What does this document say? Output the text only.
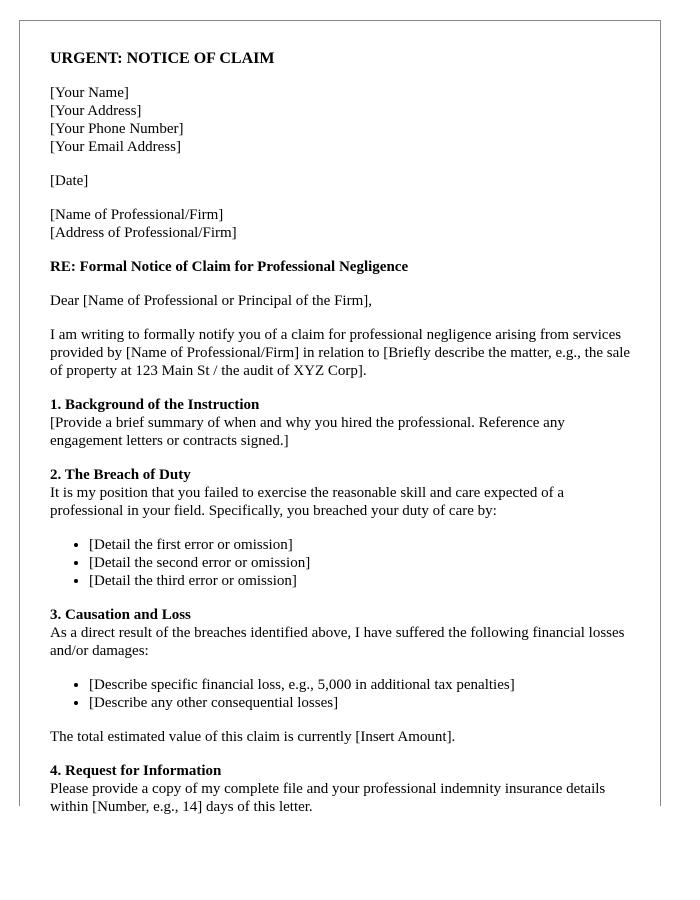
URGENT: NOTICE OF CLAIM
[Your Name]
[Your Address]
[Your Phone Number]
[Your Email Address]
[Date]
[Name of Professional/Firm]
[Address of Professional/Firm]
RE: Formal Notice of Claim for Professional Negligence

Dear [Name of Professional or Principal of the Firm],

I am writing to formally notify you of a claim for professional negligence arising from services provided by [Name of Professional/Firm] in relation to [Briefly describe the matter, e.g., the sale of property at 123 Main St / the audit of XYZ Corp].

1. Background of the Instruction

[Provide a brief summary of when and why you hired the professional. Reference any engagement letters or contracts signed.]

2. The Breach of Duty

It is my position that you failed to exercise the reasonable skill and care expected of a professional in your field. Specifically, you breached your duty of care by:

• [Detail the first error or omission]
• [Detail the second error or omission]
• [Detail the third error or omission]
3. Causation and Loss

As a direct result of the breaches identified above, I have suffered the following financial losses and/or damages:

• [Describe specific financial loss, e.g., 5,000 in additional tax penalties]
• [Describe any other consequential losses]

The total estimated value of this claim is currently [Insert Amount].

4. Request for Information

Please provide a copy of my complete file and your professional indemnity insurance details within [Number, e.g., 14] days of this letter.
